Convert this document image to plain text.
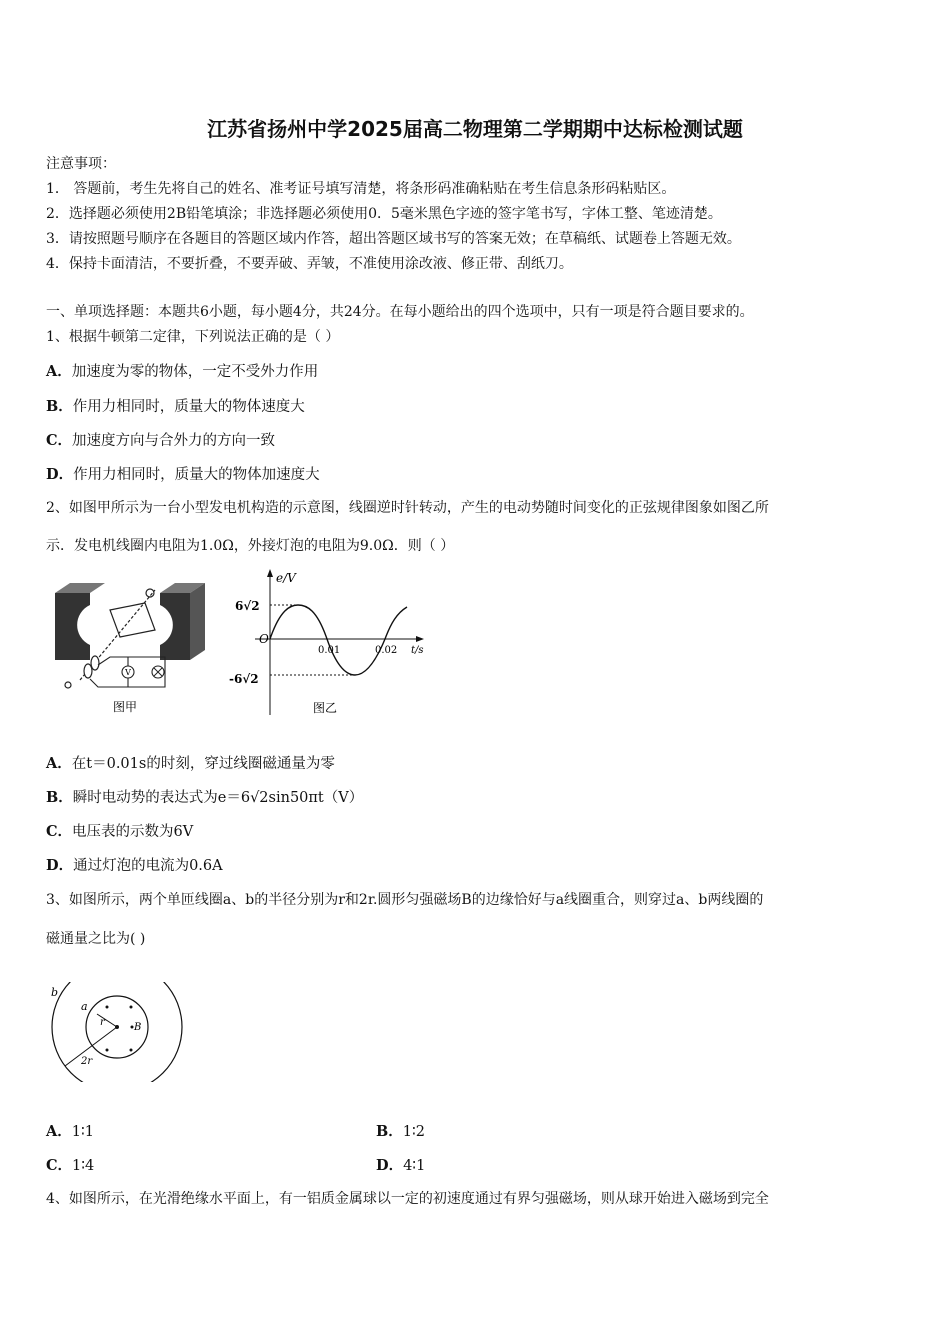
江苏省扬州中学2025届高二物理第二学期期中达标检测试题
注意事项：
1． 答题前，考生先将自己的姓名、准考证号填写清楚，将条形码准确粘贴在考生信息条形码粘贴区。
2．选择题必须使用2B铅笔填涂；非选择题必须使用0．5毫米黑色字迹的签字笔书写，字体工整、笔迹清楚。
3．请按照题号顺序在各题目的答题区域内作答，超出答题区域书写的答案无效；在草稿纸、试题卷上答题无效。
4．保持卡面清洁，不要折叠，不要弄破、弄皱，不准使用涂改液、修正带、刮纸刀。
一、单项选择题：本题共6小题，每小题4分，共24分。在每小题给出的四个选项中，只有一项是符合题目要求的。
1、根据牛顿第二定律，下列说法正确的是（ ）
A．加速度为零的物体，一定不受外力作用
B．作用力相同时，质量大的物体速度大
C．加速度方向与合外力的方向一致
D．作用力相同时，质量大的物体加速度大
2、如图甲所示为一台小型发电机构造的示意图，线圈逆时针转动，产生的电动势随时间变化的正弦规律图象如图乙所
示．发电机线圈内电阻为1.0Ω，外接灯泡的电阻为9.0Ω．则（ ）
V
图甲
e/V
t/s
O
6√2
-6√2
0.01	0.02
图乙
A．在t＝0.01s的时刻，穿过线圈磁通量为零
B．瞬时电动势的表达式为e＝6√2sin50πt（V）
C．电压表的示数为6V
D．通过灯泡的电流为0.6A
3、如图所示，两个单匝线圈a、b的半径分别为r和2r.圆形匀强磁场B的边缘恰好与a线圈重合，则穿过a、b两线圈的
磁通量之比为( )
b
a
r
2r
B
A．1∶1	B．1∶2
C．1∶4	D．4∶1
4、如图所示，在光滑绝缘水平面上，有一铝质金属球以一定的初速度通过有界匀强磁场，则从球开始进入磁场到完全
